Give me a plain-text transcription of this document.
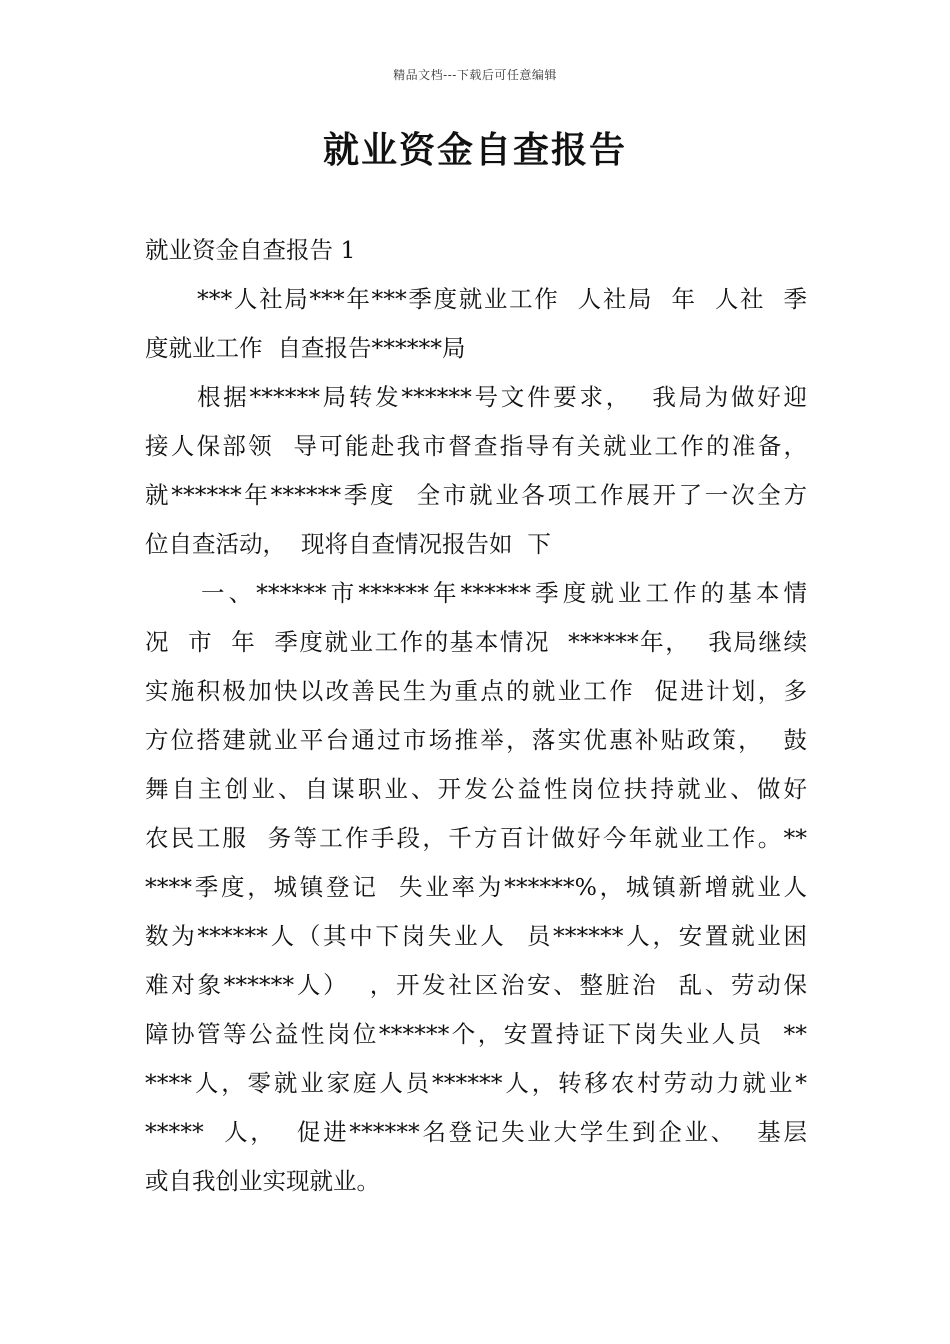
精品文档---下载后可任意编辑
就业资金自查报告
就业资金自查报告 1
***人社局***年***季度就业工作  人社局  年  人社  季
度就业工作  自查报告******局
根据******局转发******号文件要求，  我局为做好迎
接人保部领  导可能赴我市督查指导有关就业工作的准备，
就******年******季度  全市就业各项工作展开了一次全方
位自查活动，  现将自查情况报告如  下
一、******市******年******季度就业工作的基本情
况  市  年  季度就业工作的基本情况  ******年，  我局继续
实施积极加快以改善民生为重点的就业工作  促进计划，多
方位搭建就业平台通过市场推举，落实优惠补贴政策，  鼓
舞自主创业、自谋职业、开发公益性岗位扶持就业、做好
农民工服  务等工作手段，千方百计做好今年就业工作。**
****季度，城镇登记  失业率为******%，城镇新增就业人
数为******人（其中下岗失业人  员******人，安置就业困
难对象******人）  ，开发社区治安、整脏治  乱、劳动保
障协管等公益性岗位******个，安置持证下岗失业人员  **
****人，零就业家庭人员******人，转移农村劳动力就业*
*****  人，  促进******名登记失业大学生到企业、  基层
或自我创业实现就业。
